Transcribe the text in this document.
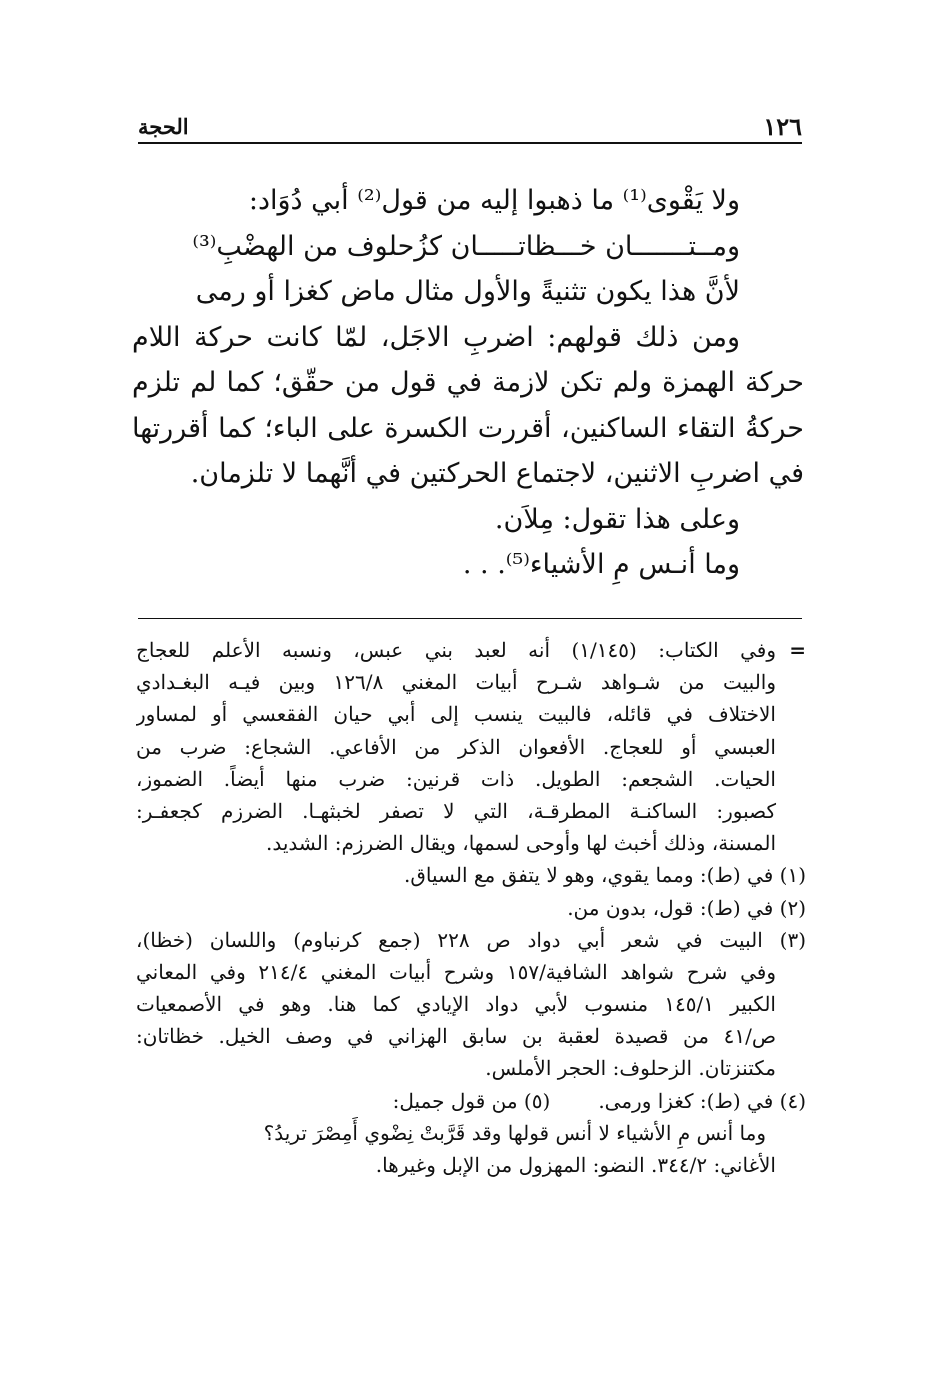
١٢٦
الحجة
ولا يَقْوى⁽¹⁾ ما ذهبوا إليه من قول⁽²⁾ أبي دُوَاد:
ومــتـــــــان خـــظاتـــــان كزُحلوف من الهضْبِ⁽³⁾
لأنَّ هذا يكون تثنيةً والأول مثال ماض كغزا أو رمى
ومن ذلك قولهم: اضربِ الاجَل، لمّا كانت حركة اللام
حركة الهمزة ولم تكن لازمة في قول من حقّق؛ كما لم تلزم
حركةُ التقاء الساكنين، أقررت الكسرة على الباء؛ كما أقررتها
في اضربِ الاثنين، لاجتماع الحركتين في أنَّهما لا تلزمان.
وعلى هذا تقول: مِلاَن.
وما أنـس مِ الأشياء⁽⁵⁾. . .
=وفي الكتاب: (١/١٤٥) أنه لعبد بني عبس، ونسبه الأعلم للعجاج
والبيت من شـواهد شـرح أبيات المغني ١٢٦/٨ وبين فيـه البغـدادي
الاختلاف في قائله، فالبيت ينسب إلى أبي حيان الفقعسي أو لمساور
العبسي أو للعجاج. الأفعوان الذكر من الأفاعي. الشجاع: ضرب من
الحيات. الشجعم: الطويل. ذات قرنين: ضرب منها أيضاً. الضموز،
كصبور: الساكنـة المطرقـة، التي لا تصفر لخبثهـا. الضرزم كجعفـر:
المسنة، وذلك أخبث لها وأوحى لسمها، ويقال الضرزم: الشديد.
(١) في (ط): ومما يقوي، وهو لا يتفق مع السياق.
(٢) في (ط): قول، بدون من.
(٣) البيت في شعر أبي دواد ص ٢٢٨ (جمع كرنباوم) واللسان (خظا)،
وفي شرح شواهد الشافية/١٥٧ وشرح أبيات المغني ٢١٤/٤ وفي المعاني
الكبير ١٤٥/١ منسوب لأبي دواد الإيادي كما هنا. وهو في الأصمعيات
ص/٤١ من قصيدة لعقبة بن سابق الهزاني في وصف الخيل. خظاتان:
مكتنزتان. الزحلوف: الحجر الأملس.
(٤) في (ط): كغزا ورمى.(٥) من قول جميل:
وما أنس مِ الأشياء لا أنس قولها وقد قَرَّبتْ نِضْوي أَمِصْرَ تريدُ؟
الأغاني: ٣٤٤/٢. النضو: المهزول من الإبل وغيرها.
